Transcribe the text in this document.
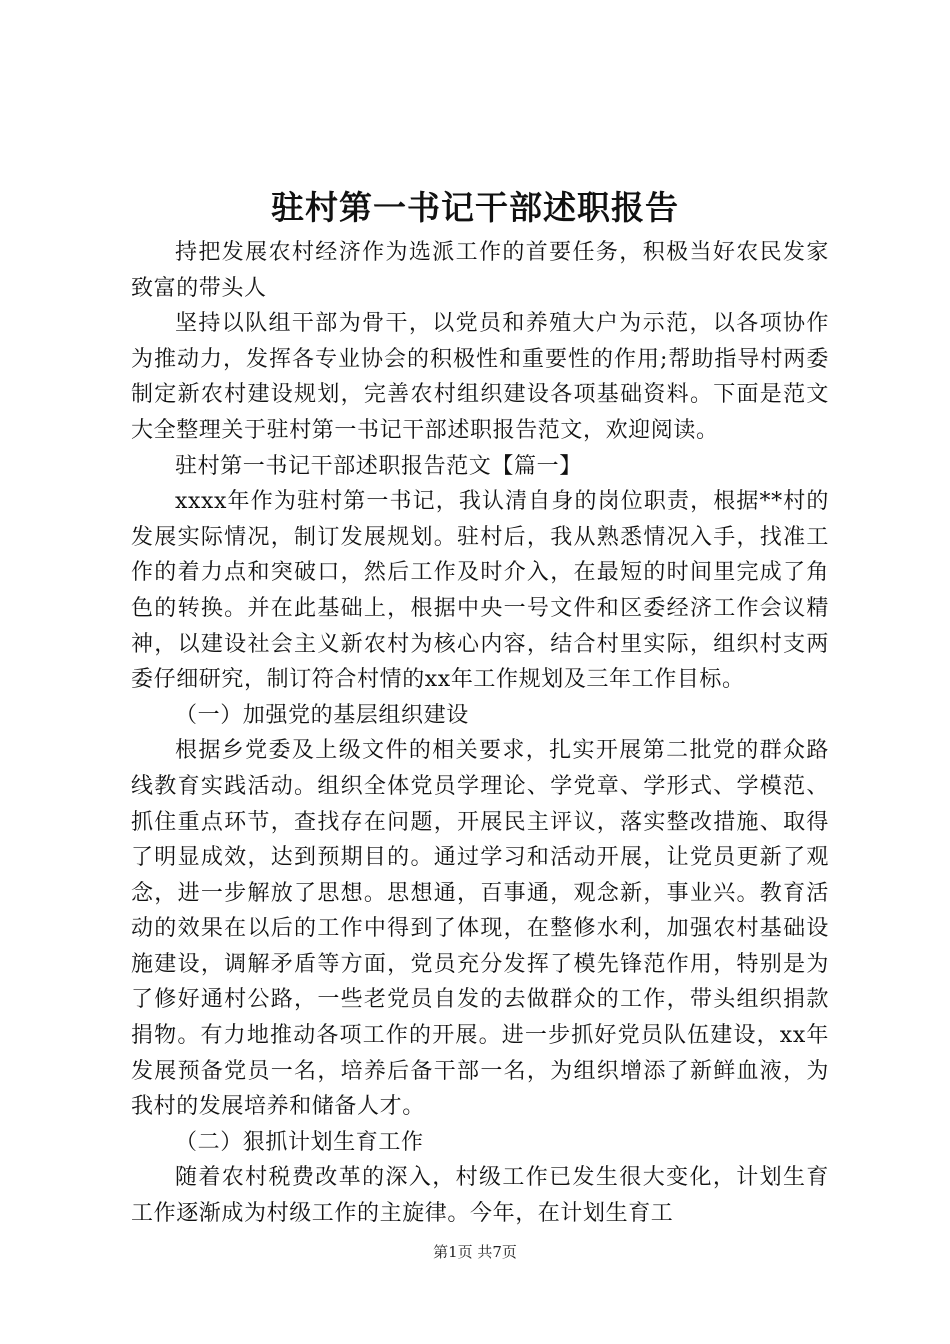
驻村第一书记干部述职报告

持把发展农村经济作为选派工作的首要任务，积极当好农民发家致富的带头人

坚持以队组干部为骨干，以党员和养殖大户为示范，以各项协作为推动力，发挥各专业协会的积极性和重要性的作用;帮助指导村两委制定新农村建设规划，完善农村组织建设各项基础资料。下面是范文大全整理关于驻村第一书记干部述职报告范文，欢迎阅读。

驻村第一书记干部述职报告范文【篇一】

xxxx年作为驻村第一书记，我认清自身的岗位职责，根据**村的发展实际情况，制订发展规划。驻村后，我从熟悉情况入手，找准工作的着力点和突破口，然后工作及时介入，在最短的时间里完成了角色的转换。并在此基础上，根据中央一号文件和区委经济工作会议精神，以建设社会主义新农村为核心内容，结合村里实际，组织村支两委仔细研究，制订符合村情的xx年工作规划及三年工作目标。

（一）加强党的基层组织建设

根据乡党委及上级文件的相关要求，扎实开展第二批党的群众路线教育实践活动。组织全体党员学理论、学党章、学形式、学模范、抓住重点环节，查找存在问题，开展民主评议，落实整改措施、取得了明显成效，达到预期目的。通过学习和活动开展，让党员更新了观念，进一步解放了思想。思想通，百事通，观念新，事业兴。教育活动的效果在以后的工作中得到了体现，在整修水利，加强农村基础设施建设，调解矛盾等方面，党员充分发挥了模先锋范作用，特别是为了修好通村公路，一些老党员自发的去做群众的工作，带头组织捐款捐物。有力地推动各项工作的开展。进一步抓好党员队伍建设，xx年发展预备党员一名，培养后备干部一名，为组织增添了新鲜血液，为我村的发展培养和储备人才。

（二）狠抓计划生育工作

随着农村税费改革的深入，村级工作已发生很大变化，计划生育工作逐渐成为村级工作的主旋律。今年，在计划生育工

第1页 共7页
